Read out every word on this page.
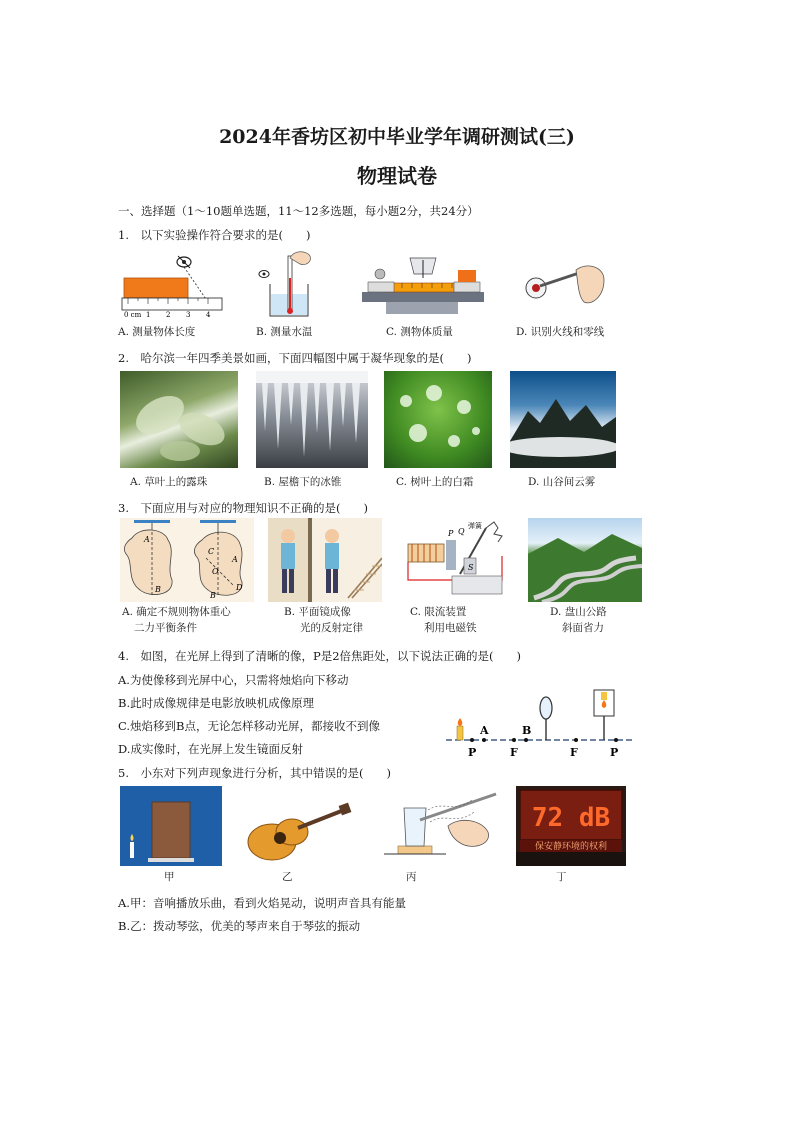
2024年香坊区初中毕业学年调研测试(三)
物理试卷
一、选择题（1～10题单选题，11～12多选题，每小题2分，共24分）
1.　以下实验操作符合要求的是(　　)
0 cm 1 2 3 4
A. 测量物体长度	B. 测量水温	C. 测物体质量	D. 识别火线和零线
2.　哈尔滨一年四季美景如画，下面四幅图中属于凝华现象的是(　　)
A. 草叶上的露珠	B. 屋檐下的冰锥	C. 树叶上的白霜	D. 山谷间云雾
3.　下面应用与对应的物理知识不正确的是(　　)
A
B
C
A
O
D
B
P Q
弹簧
S
A. 确定不规则物体重心
二力平衡条件
B. 平面镜成像
光的反射定律
C. 限流装置
利用电磁铁
D. 盘山公路
斜面省力
4.　如图，在光屏上得到了清晰的像，P是2倍焦距处，以下说法正确的是(　　)
A.为使像移到光屏中心，只需将烛焰向下移动
B.此时成像规律是电影放映机成像原理
C.烛焰移到B点，无论怎样移动光屏，都接收不到像
D.成实像时，在光屏上发生镜面反射	P	F	F	P
A	B
5.　小东对下列声现象进行分析，其中错误的是(　　)
72 dB
保安静环境的权利
甲	乙	丙	丁
A.甲：音响播放乐曲，看到火焰晃动，说明声音具有能量
B.乙：拨动琴弦，优美的琴声来自于琴弦的振动
